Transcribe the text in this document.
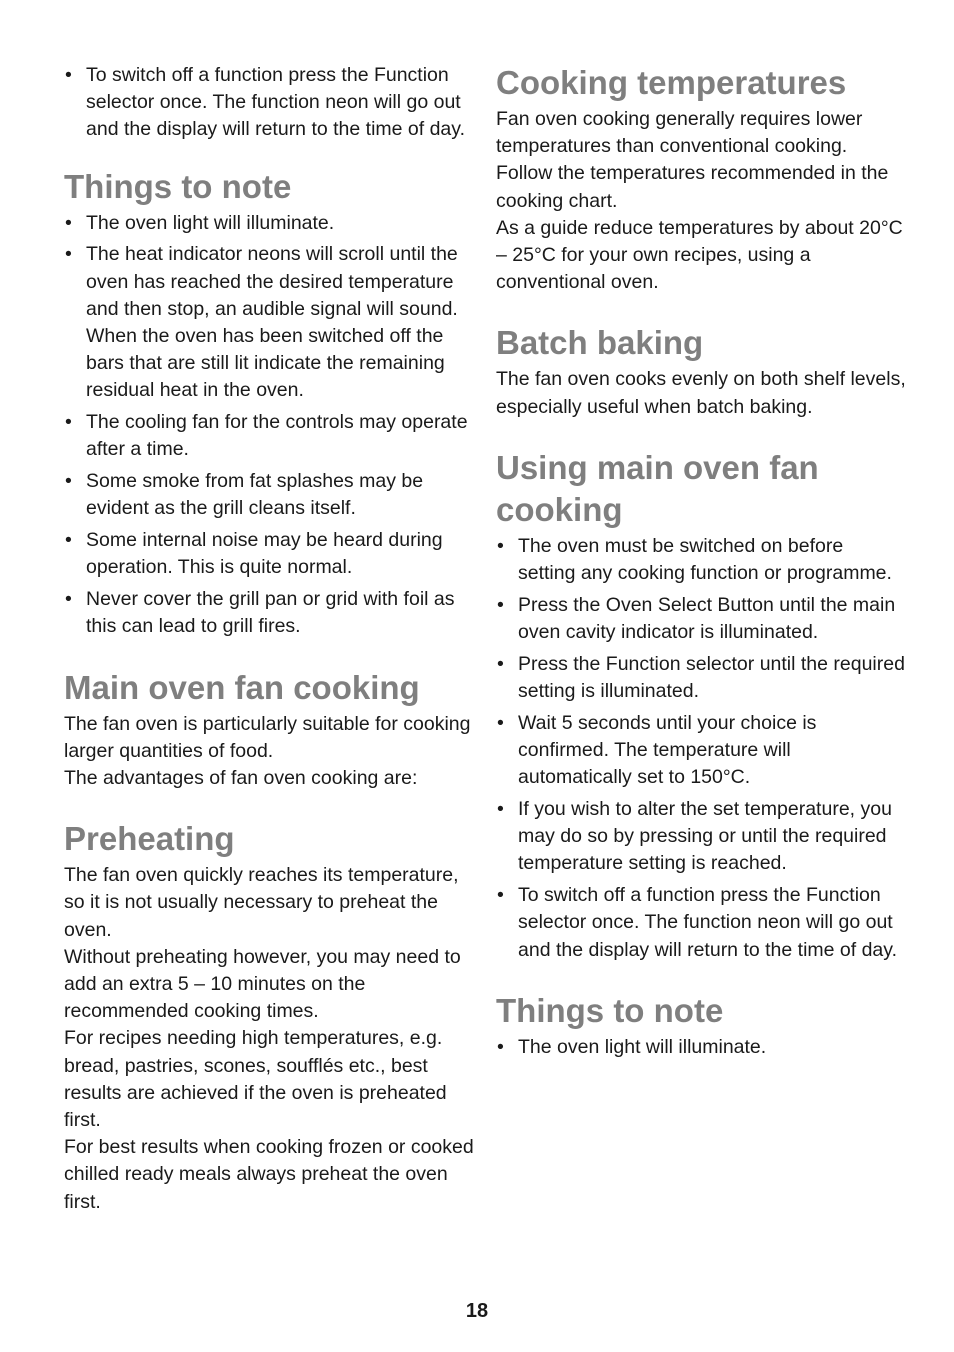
• To switch off a function press the Function selector once. The function neon will go out and the display will return to the time of day.
Things to note
• The oven light will illuminate.
• The heat indicator neons will scroll until the oven has reached the desired temperature and then stop, an audible signal will sound. When the oven has been switched off the bars that are still lit indicate the remaining residual heat in the oven.
• The cooling fan for the controls may operate after a time.
• Some smoke from fat splashes may be evident as the grill cleans itself.
• Some internal noise may be heard during operation. This is quite normal.
• Never cover the grill pan or grid with foil as this can lead to grill fires.
Main oven fan cooking

The fan oven is particularly suitable for cooking larger quantities of food.

The advantages of fan oven cooking are:

Preheating

The fan oven quickly reaches its temperature, so it is not usually necessary to preheat the oven.

Without preheating however, you may need to add an extra 5 – 10 minutes on the recommended cooking times.

For recipes needing high temperatures, e.g. bread, pastries, scones, soufflés etc., best results are achieved if the oven is preheated first.

For best results when cooking frozen or cooked chilled ready meals always preheat the oven first.

Cooking temperatures

Fan oven cooking generally requires lower temperatures than conventional cooking. Follow the temperatures recommended in the cooking chart.

As a guide reduce temperatures by about 20°C – 25°C for your own recipes, using a conventional oven.

Batch baking

The fan oven cooks evenly on both shelf levels, especially useful when batch baking.

Using main oven fan cooking
• The oven must be switched on before setting any cooking function or programme.
• Press the Oven Select Button until the main oven cavity indicator is illuminated.
• Press the Function selector until the required setting is illuminated.
• Wait 5 seconds until your choice is confirmed. The temperature will automatically set to 150°C.
• If you wish to alter the set temperature, you may do so by pressing or until the required temperature setting is reached.
• To switch off a function press the Function selector once. The function neon will go out and the display will return to the time of day.
Things to note
• The oven light will illuminate.
18
